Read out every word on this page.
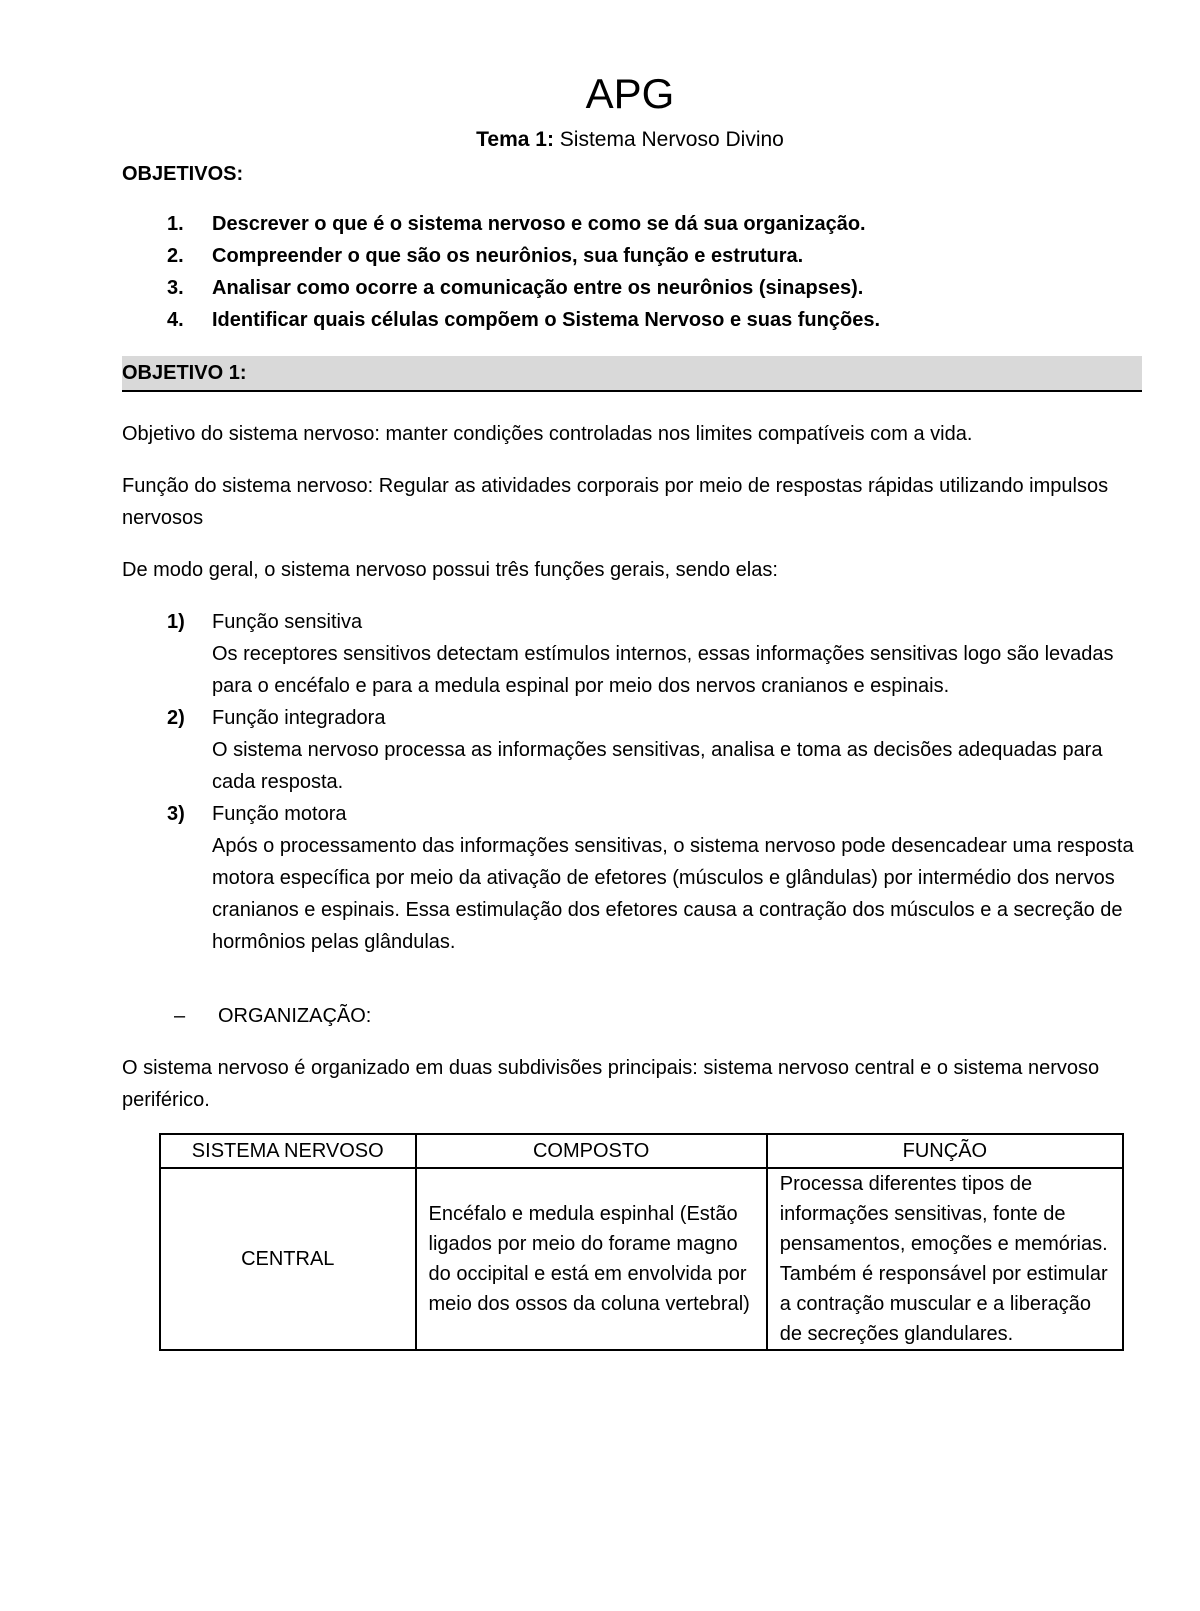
APG
Tema 1: Sistema Nervoso Divino
OBJETIVOS:
1.	Descrever o que é o sistema nervoso e como se dá sua organização.
2.	Compreender o que são os neurônios, sua função e estrutura.
3.	Analisar como ocorre a comunicação entre os neurônios (sinapses).
4.	Identificar quais células compõem o Sistema Nervoso e suas funções.
OBJETIVO 1:
Objetivo do sistema nervoso: manter condições controladas nos limites compatíveis com a vida.
Função do sistema nervoso: Regular as atividades corporais por meio de respostas rápidas utilizando impulsos nervosos
De modo geral, o sistema nervoso possui três funções gerais, sendo elas:
1) Função sensitiva
Os receptores sensitivos detectam estímulos internos, essas informações sensitivas logo são levadas para o encéfalo e para a medula espinal por meio dos nervos cranianos e espinais.
2) Função integradora
O sistema nervoso processa as informações sensitivas, analisa e toma as decisões adequadas para cada resposta.
3) Função motora
Após o processamento das informações sensitivas, o sistema nervoso pode desencadear uma resposta motora específica por meio da ativação de efetores (músculos e glândulas) por intermédio dos nervos cranianos e espinais. Essa estimulação dos efetores causa a contração dos músculos e a secreção de hormônios pelas glândulas.
– ORGANIZAÇÃO:
O sistema nervoso é organizado em duas subdivisões principais: sistema nervoso central e o sistema nervoso periférico.
SISTEMA NERVOSO	COMPOSTO	FUNÇÃO
CENTRAL	Encéfalo e medula espinhal (Estão ligados por meio do forame magno do occipital e está em envolvida por meio dos ossos da coluna vertebral)	Processa diferentes tipos de informações sensitivas, fonte de pensamentos, emoções e memórias. Também é responsável por estimular a contração muscular e a liberação de secreções glandulares.
